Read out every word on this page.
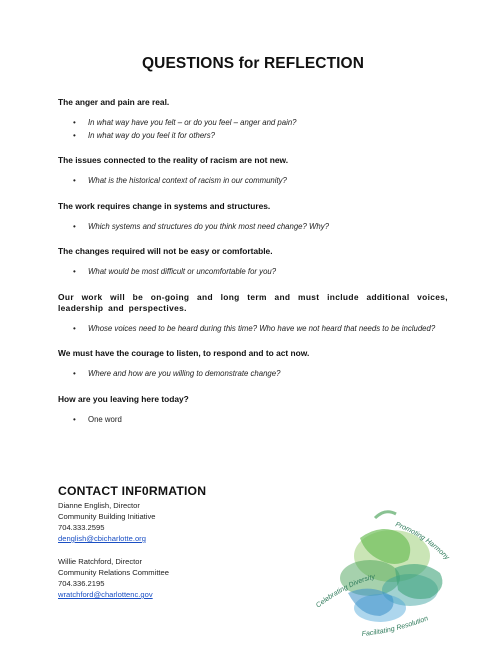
QUESTIONS for REFLECTION

The anger and pain are real.

• In what way have you felt – or do you feel – anger and pain?
• In what way do you feel it for others?

The issues connected to the reality of racism are not new.

• What is the historical context of racism in our community?

The work requires change in systems and structures.

• Which systems and structures do you think most need change? Why?

The changes required will not be easy or comfortable.

• What would be most difficult or uncomfortable for you?

Our work will be on-going and long term and must include additional voices, leadership and perspectives.

• Whose voices need to be heard during this time? Who have we not heard that needs to be included?

We must have the courage to listen, to respond and to act now.

• Where and how are you willing to demonstrate change?

How are you leaving here today?

• One word
CONTACT INF0RMATION
Dianne English, Director
Community Building Initiative
704.333.2595
denglish@cbicharlotte.org
Willie Ratchford, Director
Community Relations Committee
704.336.2195
wratchford@charlottenc.gov
Promoting Harmony
Celebrating Diversity
Facilitating Resolution
